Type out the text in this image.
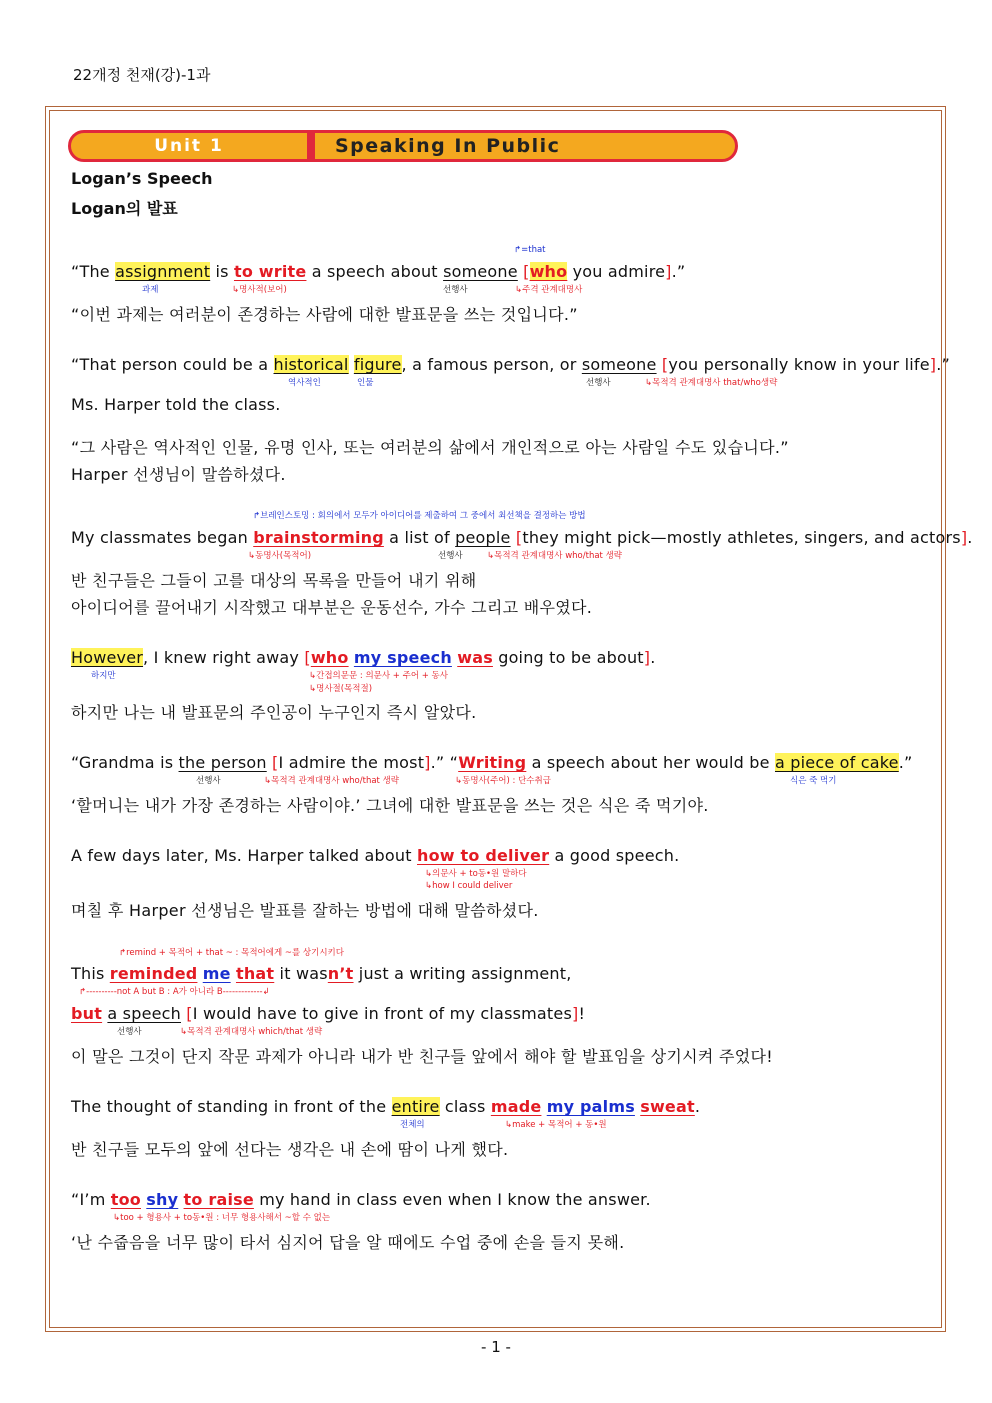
22개정 천재(강)-1과
Unit 1	Speaking In Public
Logan’s Speech
Logan의 발표
↱=that
“The assignment is to write a speech about someone [who you admire].”
과제	↳명사적(보어)	선행사	↳주격 관계대명사
“이번 과제는 여러분이 존경하는 사람에 대한 발표문을 쓰는 것입니다.”
“That person could be a historical figure, a famous person, or someone [you personally know in your life].”
역사적인	인물	선행사	↳목적격 관계대명사 that/who생략
Ms. Harper told the class.
“그 사람은 역사적인 인물, 유명 인사, 또는 여러분의 삶에서 개인적으로 아는 사람일 수도 있습니다.”
Harper 선생님이 말씀하셨다.
↱브레인스토밍 : 회의에서 모두가 아이디어를 제출하여 그 중에서 최선책을 결정하는 방법
My classmates began brainstorming a list of people [they might pick—mostly athletes, singers, and actors].
↳동명사(목적어)	선행사	↳목적격 관계대명사 who/that 생략
반 친구들은 그들이 고를 대상의 목록을 만들어 내기 위해
아이디어를 끌어내기 시작했고 대부분은 운동선수, 가수 그리고 배우였다.
However, I knew right away [who my speech was going to be about].
하지만	↳간접의문문 : 의문사 + 주어 + 동사
↳명사절(목적절)
하지만 나는 내 발표문의 주인공이 누구인지 즉시 알았다.
“Grandma is the person [I admire the most].” “Writing a speech about her would be a piece of cake.”
선행사	↳목적격 관계대명사 who/that 생략	↳동명사(주어) : 단수취급	식은 죽 먹기
‘할머니는 내가 가장 존경하는 사람이야.’ 그녀에 대한 발표문을 쓰는 것은 식은 죽 먹기야.
A few days later, Ms. Harper talked about how to deliver a good speech.
↳의문사 + to동•원 말하다
↳how I could deliver
며칠 후 Harper 선생님은 발표를 잘하는 방법에 대해 말씀하셨다.
↱remind + 목적어 + that ~ : 목적어에게 ~를 상기시키다
This reminded me that it wasn’t just a writing assignment,
↱----------not A but B : A가 아니라 B-------------↲
but a speech [I would have to give in front of my classmates]!
선행사	↳목적격 관계대명사 which/that 생략
이 말은 그것이 단지 작문 과제가 아니라 내가 반 친구들 앞에서 해야 할 발표임을 상기시켜 주었다!
The thought of standing in front of the entire class made my palms sweat.
전체의	↳make + 목적어 + 동•원
반 친구들 모두의 앞에 선다는 생각은 내 손에 땀이 나게 했다.
“I’m too shy to raise my hand in class even when I know the answer.
↳too + 형용사 + to동•원 : 너무 형용사해서 ~할 수 없는
‘난 수줍음을 너무 많이 타서 심지어 답을 알 때에도 수업 중에 손을 들지 못해.
- 1 -
